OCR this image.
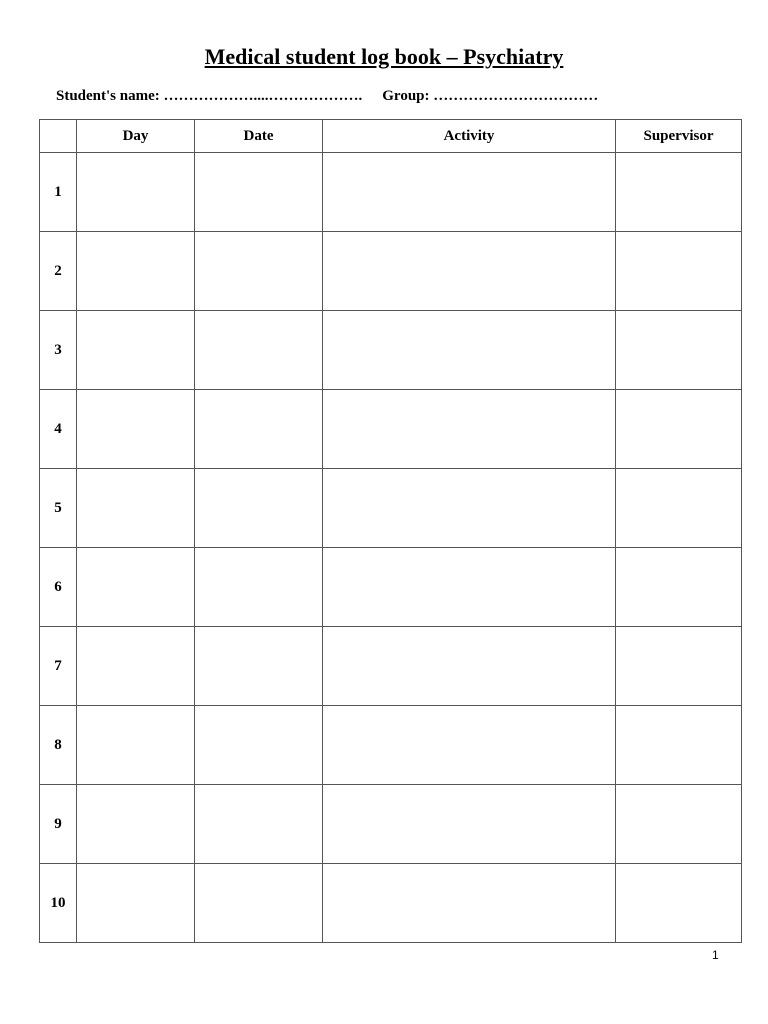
Medical student log book – Psychiatry
Student's name: ………………....………………. Group: ……………………………
	Day	Date	Activity	Supervisor
1				
2				
3				
4				
5				
6				
7				
8				
9				
10				
1
